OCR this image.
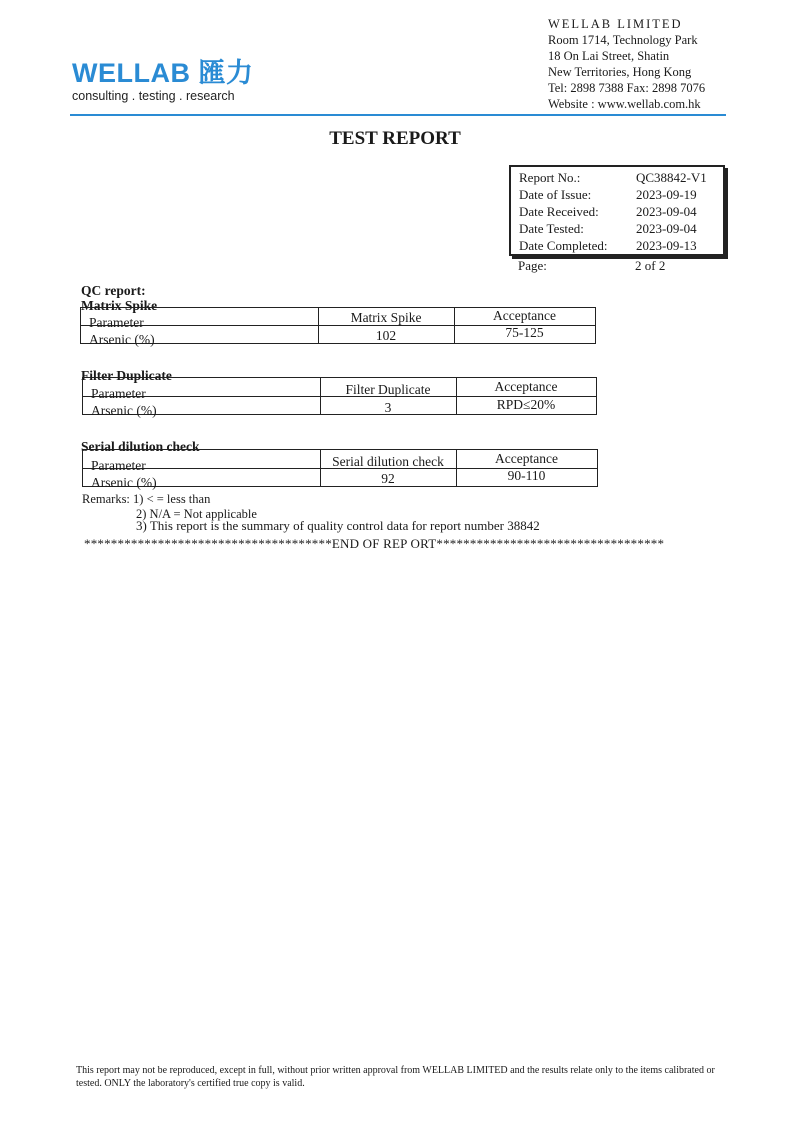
WELLAB 匯力
consulting . testing . research
WELLAB LIMITED
Room 1714, Technology Park
18 On Lai Street, Shatin
New Territories, Hong Kong
Tel: 2898 7388 Fax: 2898 7076
Website : www.wellab.com.hk
TEST REPORT
Report No.:	QC38842-V1
Date of Issue:	2023-09-19
Date Received:	2023-09-04
Date Tested:	2023-09-04
Date Completed: 2023-09-13
Page:	2 of 2
QC report:
Matrix Spike
Parameter	Matrix Spike	Acceptance
Arsenic (%)	102	75-125
Filter Duplicate
Parameter	Filter Duplicate	Acceptance
Arsenic (%)	3	RPD≤20%
Serial dilution check
Parameter	Serial dilution check	Acceptance
Arsenic (%)	92	90-110
Remarks: 1) < = less than
2) N/A = Not applicable
3) This report is the summary of quality control data for report number 38842
*************************************END OF REP ORT**********************************
This report may not be reproduced, except in full, without prior written approval from WELLAB LIMITED and the results relate only to the items calibrated or tested. ONLY the laboratory's certified true copy is valid.
